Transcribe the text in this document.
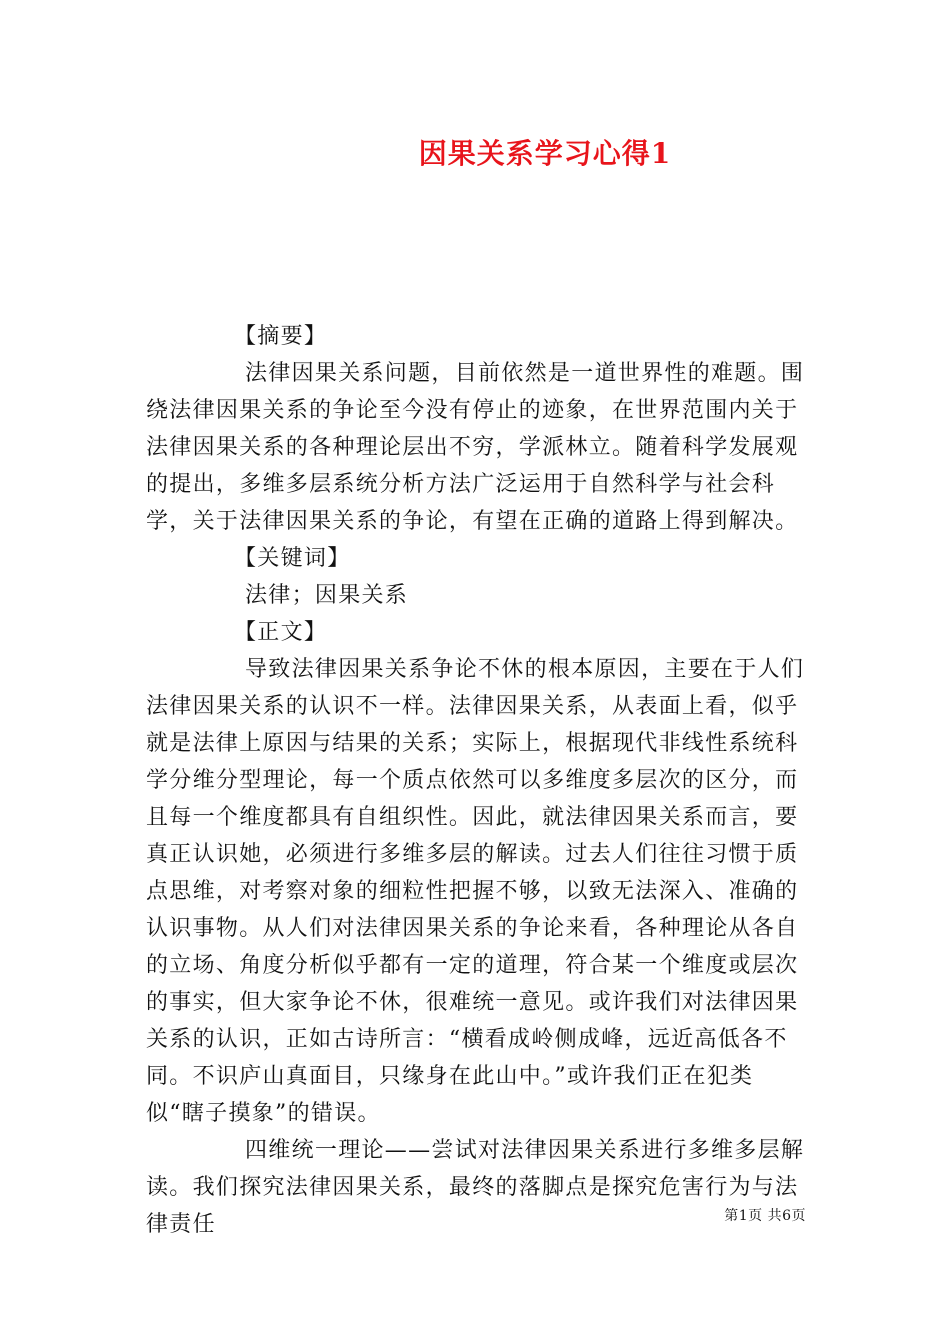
因果关系学习心得1

【摘要】

法律因果关系问题，目前依然是一道世界性的难题。围绕法律因果关系的争论至今没有停止的迹象，在世界范围内关于法律因果关系的各种理论层出不穷，学派林立。随着科学发展观的提出，多维多层系统分析方法广泛运用于自然科学与社会科学，关于法律因果关系的争论，有望在正确的道路上得到解决。

【关键词】

法律；因果关系

【正文】

导致法律因果关系争论不休的根本原因，主要在于人们法律因果关系的认识不一样。法律因果关系，从表面上看，似乎就是法律上原因与结果的关系；实际上，根据现代非线性系统科学分维分型理论，每一个质点依然可以多维度多层次的区分，而且每一个维度都具有自组织性。因此，就法律因果关系而言，要真正认识她，必须进行多维多层的解读。过去人们往往习惯于质点思维，对考察对象的细粒性把握不够，以致无法深入、准确的认识事物。从人们对法律因果关系的争论来看，各种理论从各自的立场、角度分析似乎都有一定的道理，符合某一个维度或层次的事实，但大家争论不休，很难统一意见。或许我们对法律因果关系的认识，正如古诗所言：“横看成岭侧成峰，远近高低各不同。不识庐山真面目，只缘身在此山中。”或许我们正在犯类似“瞎子摸象”的错误。

四维统一理论——尝试对法律因果关系进行多维多层解读。我们探究法律因果关系，最终的落脚点是探究危害行为与法律责任	第1页 共6页
